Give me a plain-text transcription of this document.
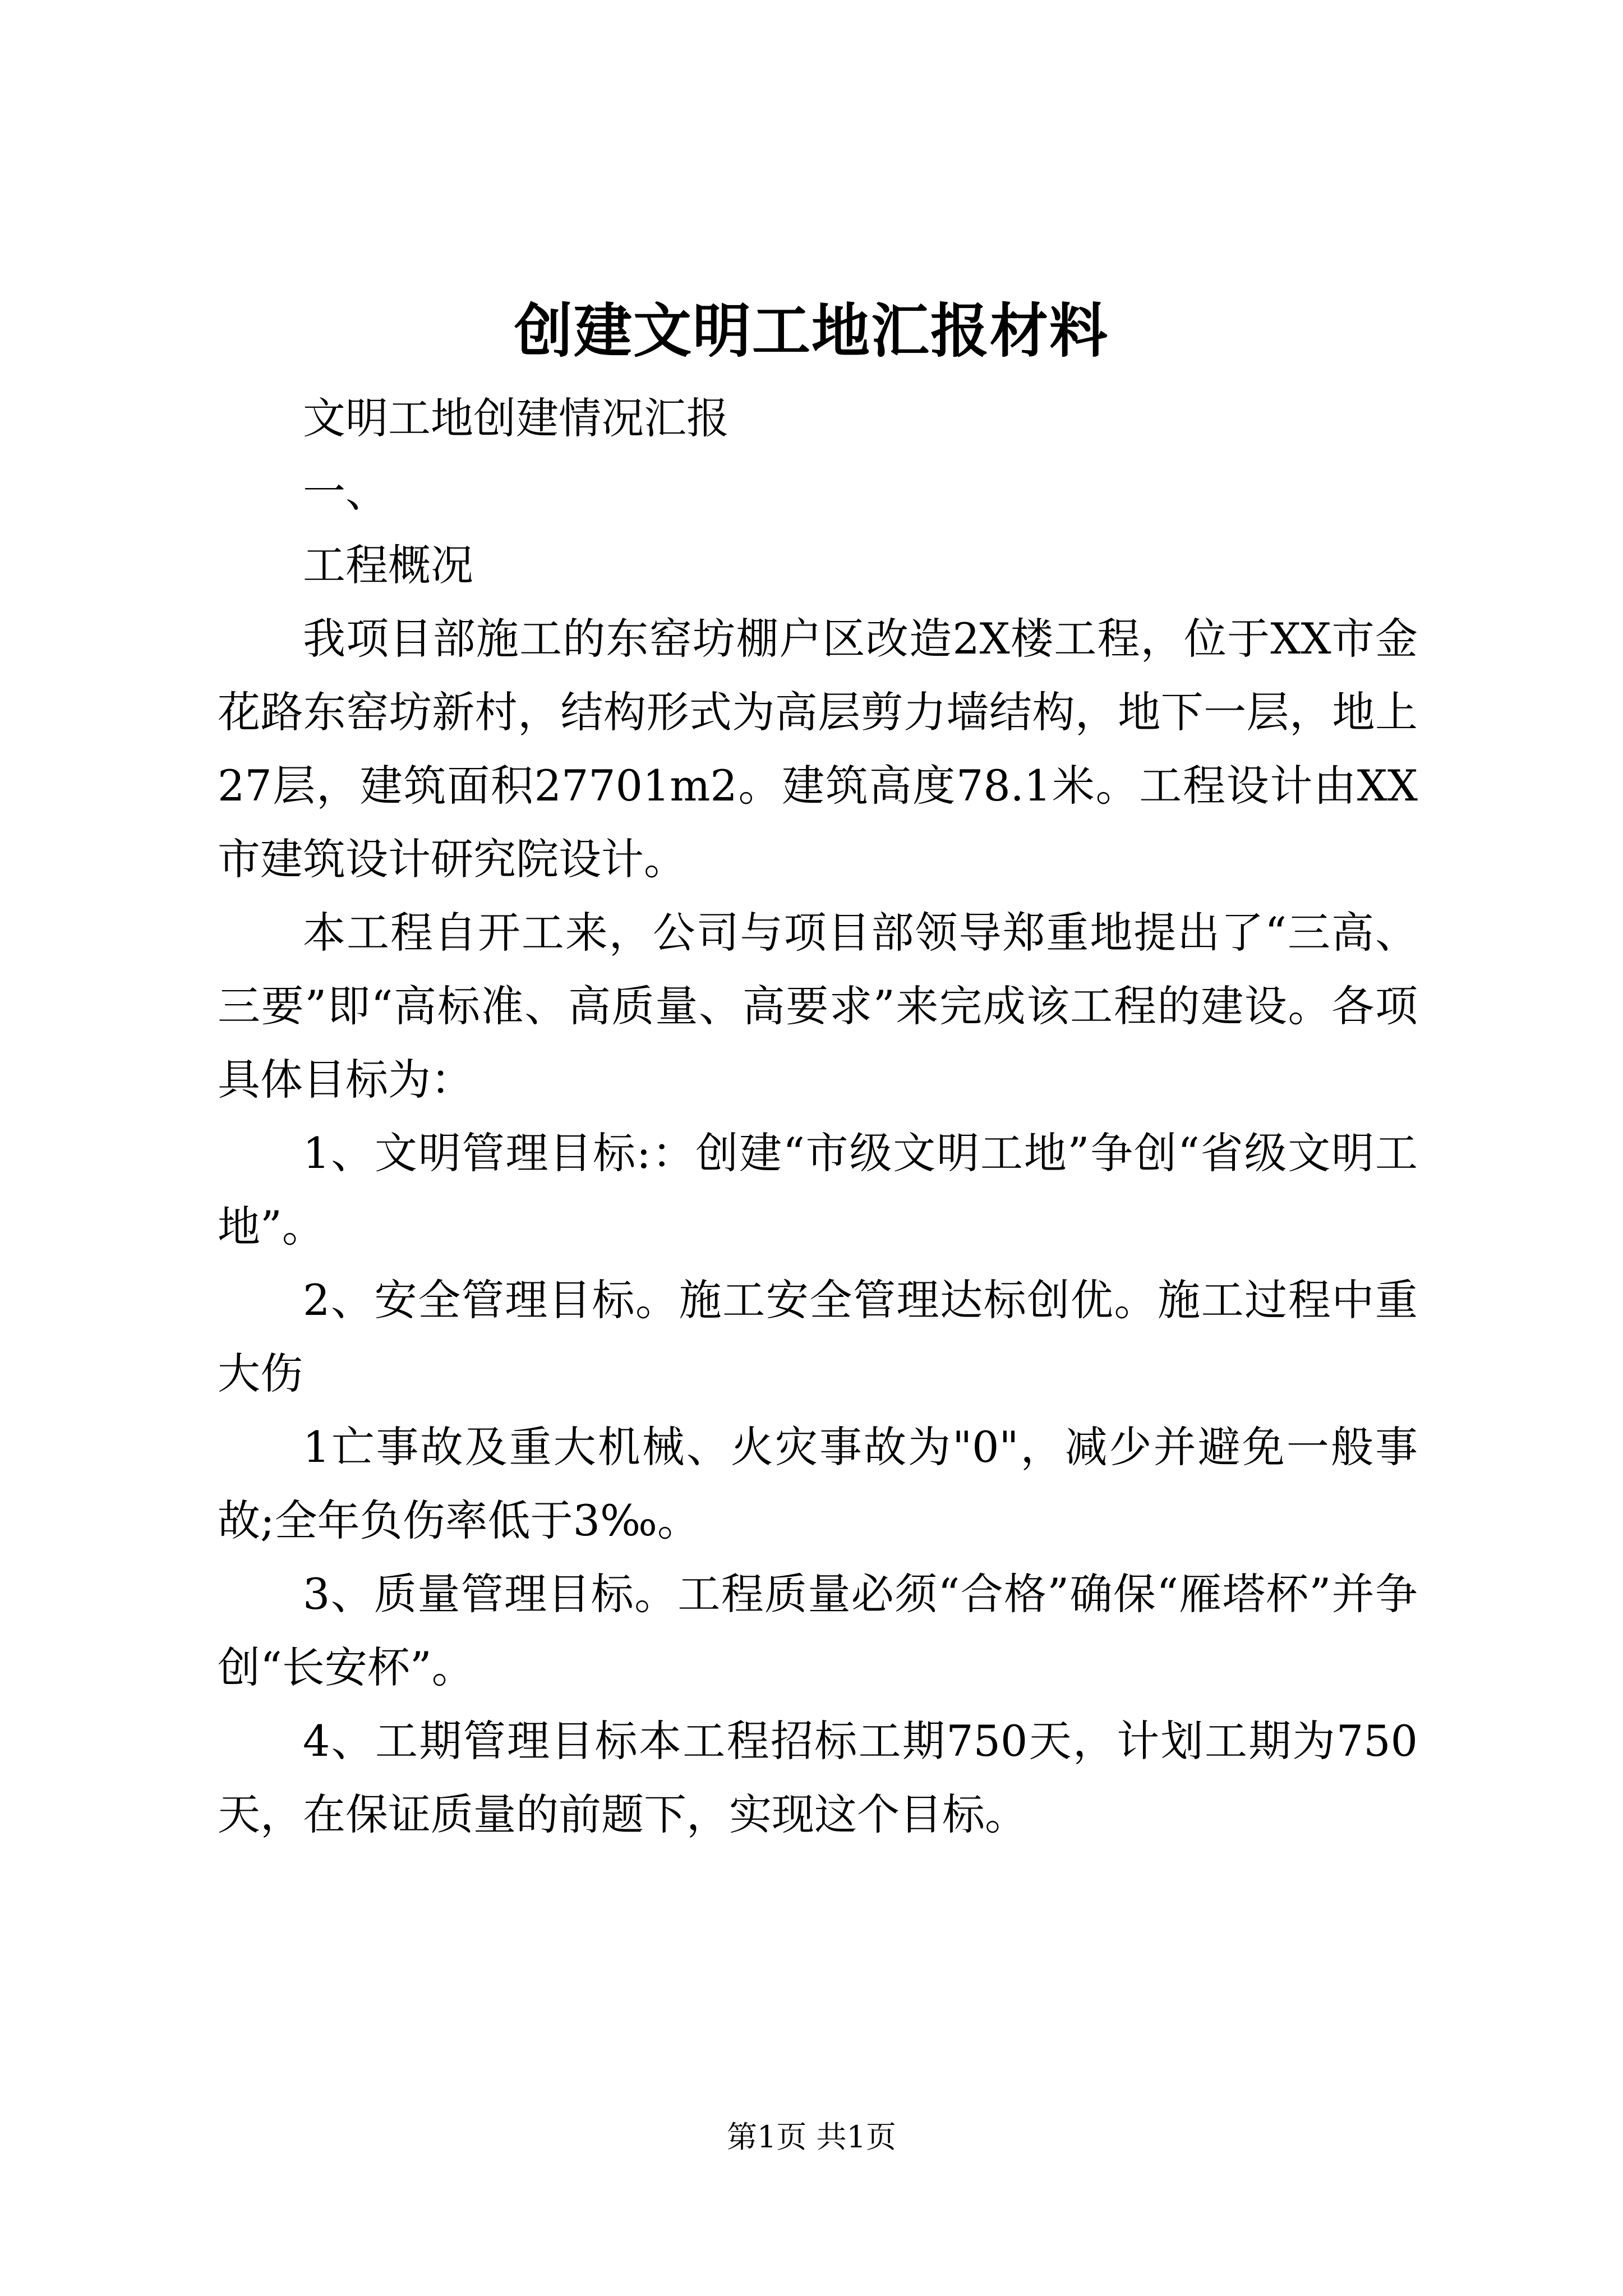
创建文明工地汇报材料

文明工地创建情况汇报

一、

工程概况

我项目部施工的东窑坊棚户区改造2X楼工程，位于XX市金花路东窑坊新村，结构形式为高层剪力墙结构，地下一层，地上27层，建筑面积27701m2。建筑高度78.1米。工程设计由XX市建筑设计研究院设计。

本工程自开工来，公司与项目部领导郑重地提出了“三高、三要”即“高标准、高质量、高要求”来完成该工程的建设。各项具体目标为：

1、文明管理目标:：创建“市级文明工地”争创“省级文明工地”。

2、安全管理目标。施工安全管理达标创优。施工过程中重大伤

1亡事故及重大机械、火灾事故为"0"，减少并避免一般事故;全年负伤率低于3‰。

3、质量管理目标。工程质量必须“合格”确保“雁塔杯”并争创“长安杯”。

4、工期管理目标本工程招标工期750天，计划工期为750天，在保证质量的前题下，实现这个目标。

第1页 共1页
